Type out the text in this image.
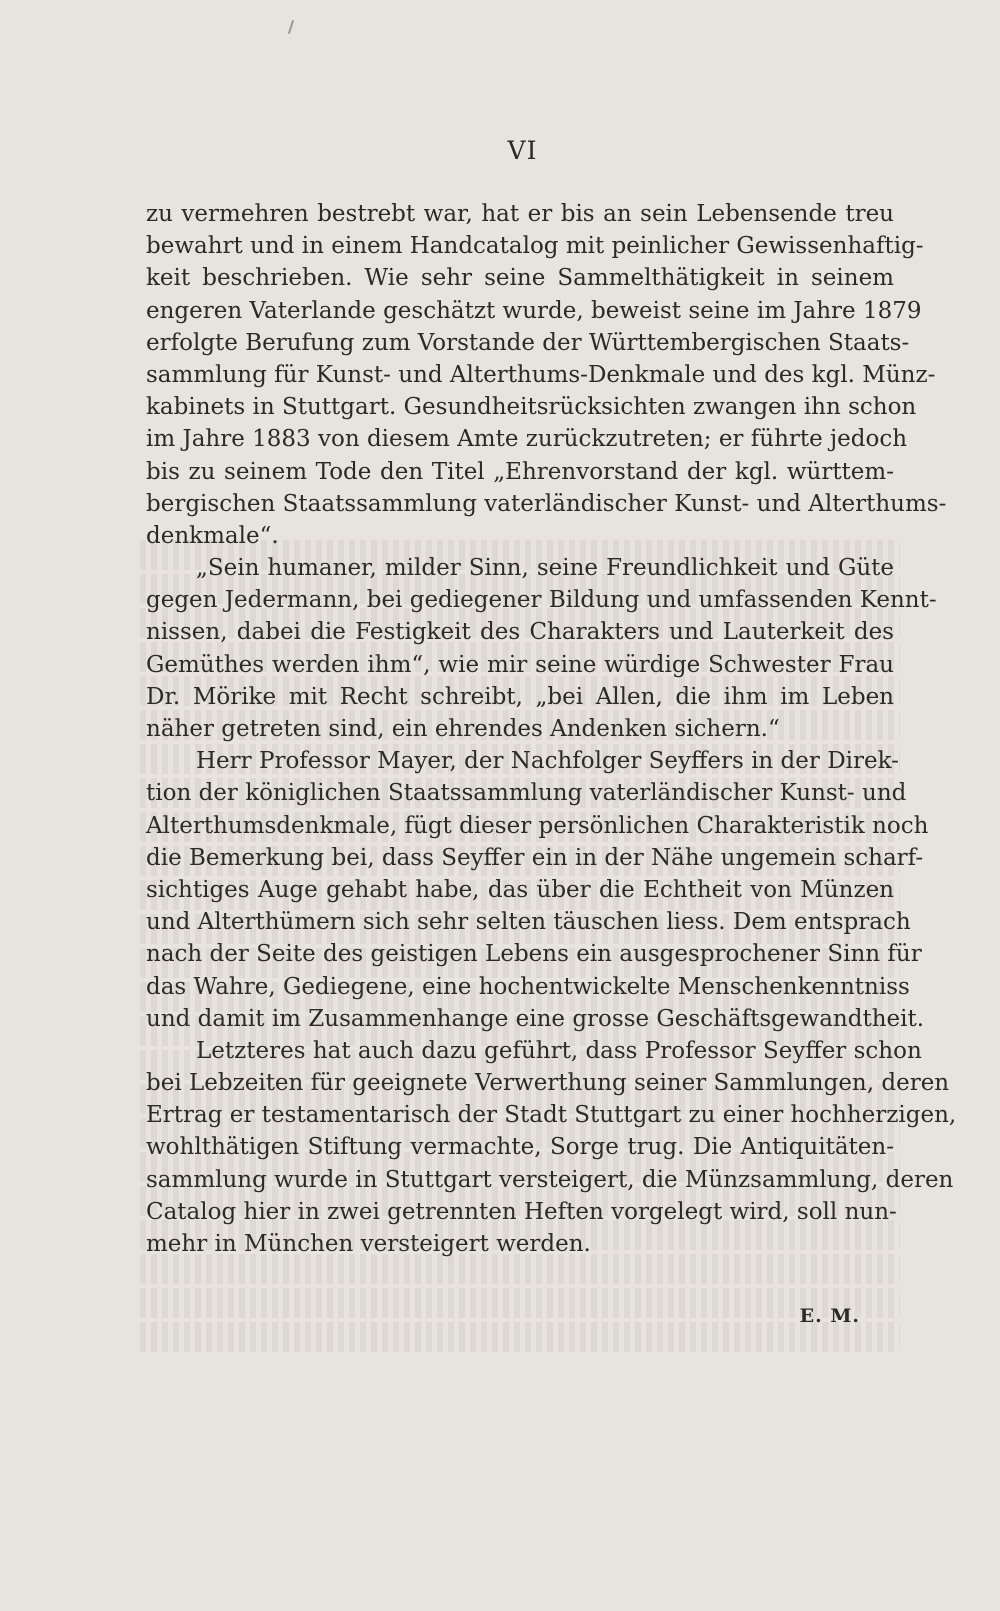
VI
zu vermehren bestrebt war, hat er bis an sein Lebensende treu
bewahrt und in einem Handcatalog mit peinlicher Gewissenhaftig-
keit beschrieben. Wie sehr seine Sammelthätigkeit in seinem
engeren Vaterlande geschätzt wurde, beweist seine im Jahre 1879
erfolgte Berufung zum Vorstande der Württembergischen Staats-
sammlung für Kunst- und Alterthums-Denkmale und des kgl. Münz-
kabinets in Stuttgart. Gesundheitsrücksichten zwangen ihn schon
im Jahre 1883 von diesem Amte zurückzutreten; er führte jedoch
bis zu seinem Tode den Titel „Ehrenvorstand der kgl. württem-
bergischen Staatssammlung vaterländischer Kunst- und Alterthums-
denkmale“.
„Sein humaner, milder Sinn, seine Freundlichkeit und Güte
gegen Jedermann, bei gediegener Bildung und umfassenden Kennt-
nissen, dabei die Festigkeit des Charakters und Lauterkeit des
Gemüthes werden ihm“, wie mir seine würdige Schwester Frau
Dr. Mörike mit Recht schreibt, „bei Allen, die ihm im Leben
näher getreten sind, ein ehrendes Andenken sichern.“
Herr Professor Mayer, der Nachfolger Seyffers in der Direk-
tion der königlichen Staatssammlung vaterländischer Kunst- und
Alterthumsdenkmale, fügt dieser persönlichen Charakteristik noch
die Bemerkung bei, dass Seyffer ein in der Nähe ungemein scharf-
sichtiges Auge gehabt habe, das über die Echtheit von Münzen
und Alterthümern sich sehr selten täuschen liess. Dem entsprach
nach der Seite des geistigen Lebens ein ausgesprochener Sinn für
das Wahre, Gediegene, eine hochentwickelte Menschenkenntniss
und damit im Zusammenhange eine grosse Geschäftsgewandtheit.
Letzteres hat auch dazu geführt, dass Professor Seyffer schon
bei Lebzeiten für geeignete Verwerthung seiner Sammlungen, deren
Ertrag er testamentarisch der Stadt Stuttgart zu einer hochherzigen,
wohlthätigen Stiftung vermachte, Sorge trug. Die Antiquitäten-
sammlung wurde in Stuttgart versteigert, die Münzsammlung, deren
Catalog hier in zwei getrennten Heften vorgelegt wird, soll nun-
mehr in München versteigert werden.
E. M.
